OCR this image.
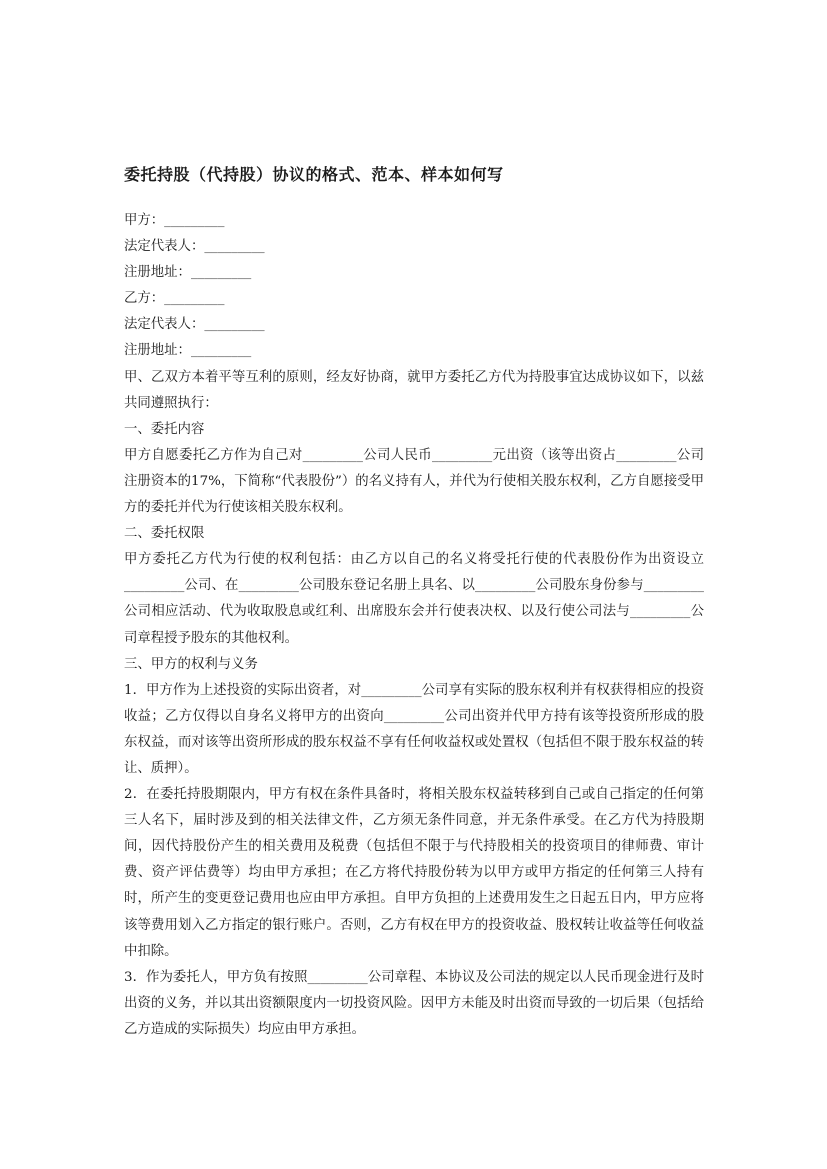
委托持股（代持股）协议的格式、范本、样本如何写

甲方：_________

法定代表人：_________

注册地址：_________

乙方：_________

法定代表人：_________

注册地址：_________

甲、乙双方本着平等互利的原则，经友好协商，就甲方委托乙方代为持股事宜达成协议如下，以兹共同遵照执行：

一、委托内容

甲方自愿委托乙方作为自己对_________公司人民币_________元出资（该等出资占_________公司注册资本的17%，下简称“代表股份”）的名义持有人，并代为行使相关股东权利，乙方自愿接受甲方的委托并代为行使该相关股东权利。

二、委托权限

甲方委托乙方代为行使的权利包括：由乙方以自己的名义将受托行使的代表股份作为出资设立_________公司、在_________公司股东登记名册上具名、以_________公司股东身份参与_________公司相应活动、代为收取股息或红利、出席股东会并行使表决权、以及行使公司法与_________公司章程授予股东的其他权利。

三、甲方的权利与义务

1．甲方作为上述投资的实际出资者，对_________公司享有实际的股东权利并有权获得相应的投资收益；乙方仅得以自身名义将甲方的出资向_________公司出资并代甲方持有该等投资所形成的股东权益，而对该等出资所形成的股东权益不享有任何收益权或处置权（包括但不限于股东权益的转让、质押）。

2．在委托持股期限内，甲方有权在条件具备时，将相关股东权益转移到自己或自己指定的任何第三人名下，届时涉及到的相关法律文件，乙方须无条件同意，并无条件承受。在乙方代为持股期间，因代持股份产生的相关费用及税费（包括但不限于与代持股相关的投资项目的律师费、审计费、资产评估费等）均由甲方承担；在乙方将代持股份转为以甲方或甲方指定的任何第三人持有时，所产生的变更登记费用也应由甲方承担。自甲方负担的上述费用发生之日起五日内，甲方应将该等费用划入乙方指定的银行账户。否则，乙方有权在甲方的投资收益、股权转让收益等任何收益中扣除。

3．作为委托人，甲方负有按照_________公司章程、本协议及公司法的规定以人民币现金进行及时出资的义务，并以其出资额限度内一切投资风险。因甲方未能及时出资而导致的一切后果（包括给乙方造成的实际损失）均应由甲方承担。
